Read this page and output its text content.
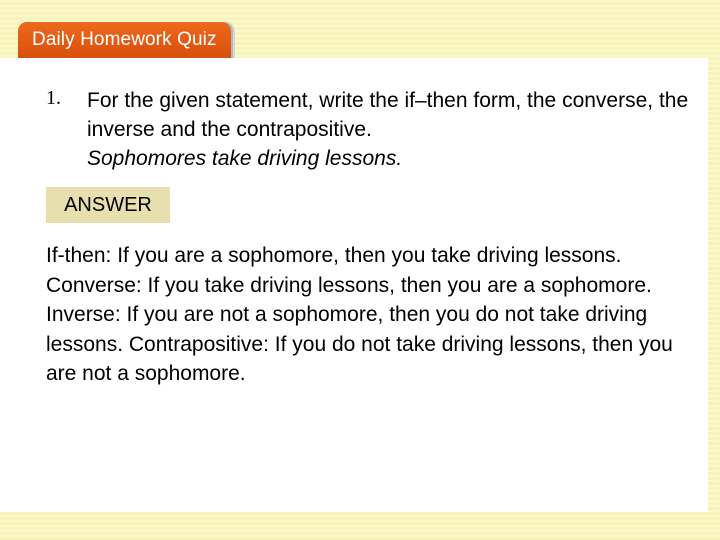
Daily Homework Quiz
1. For the given statement, write the if–then form, the converse, the inverse and the contrapositive.
Sophomores take driving lessons.
ANSWER
If-then: If you are a sophomore, then you take driving lessons. Converse: If you take driving lessons, then you are a sophomore. Inverse: If you are not a sophomore, then you do not take driving lessons. Contrapositive: If you do not take driving lessons, then you are not a sophomore.
